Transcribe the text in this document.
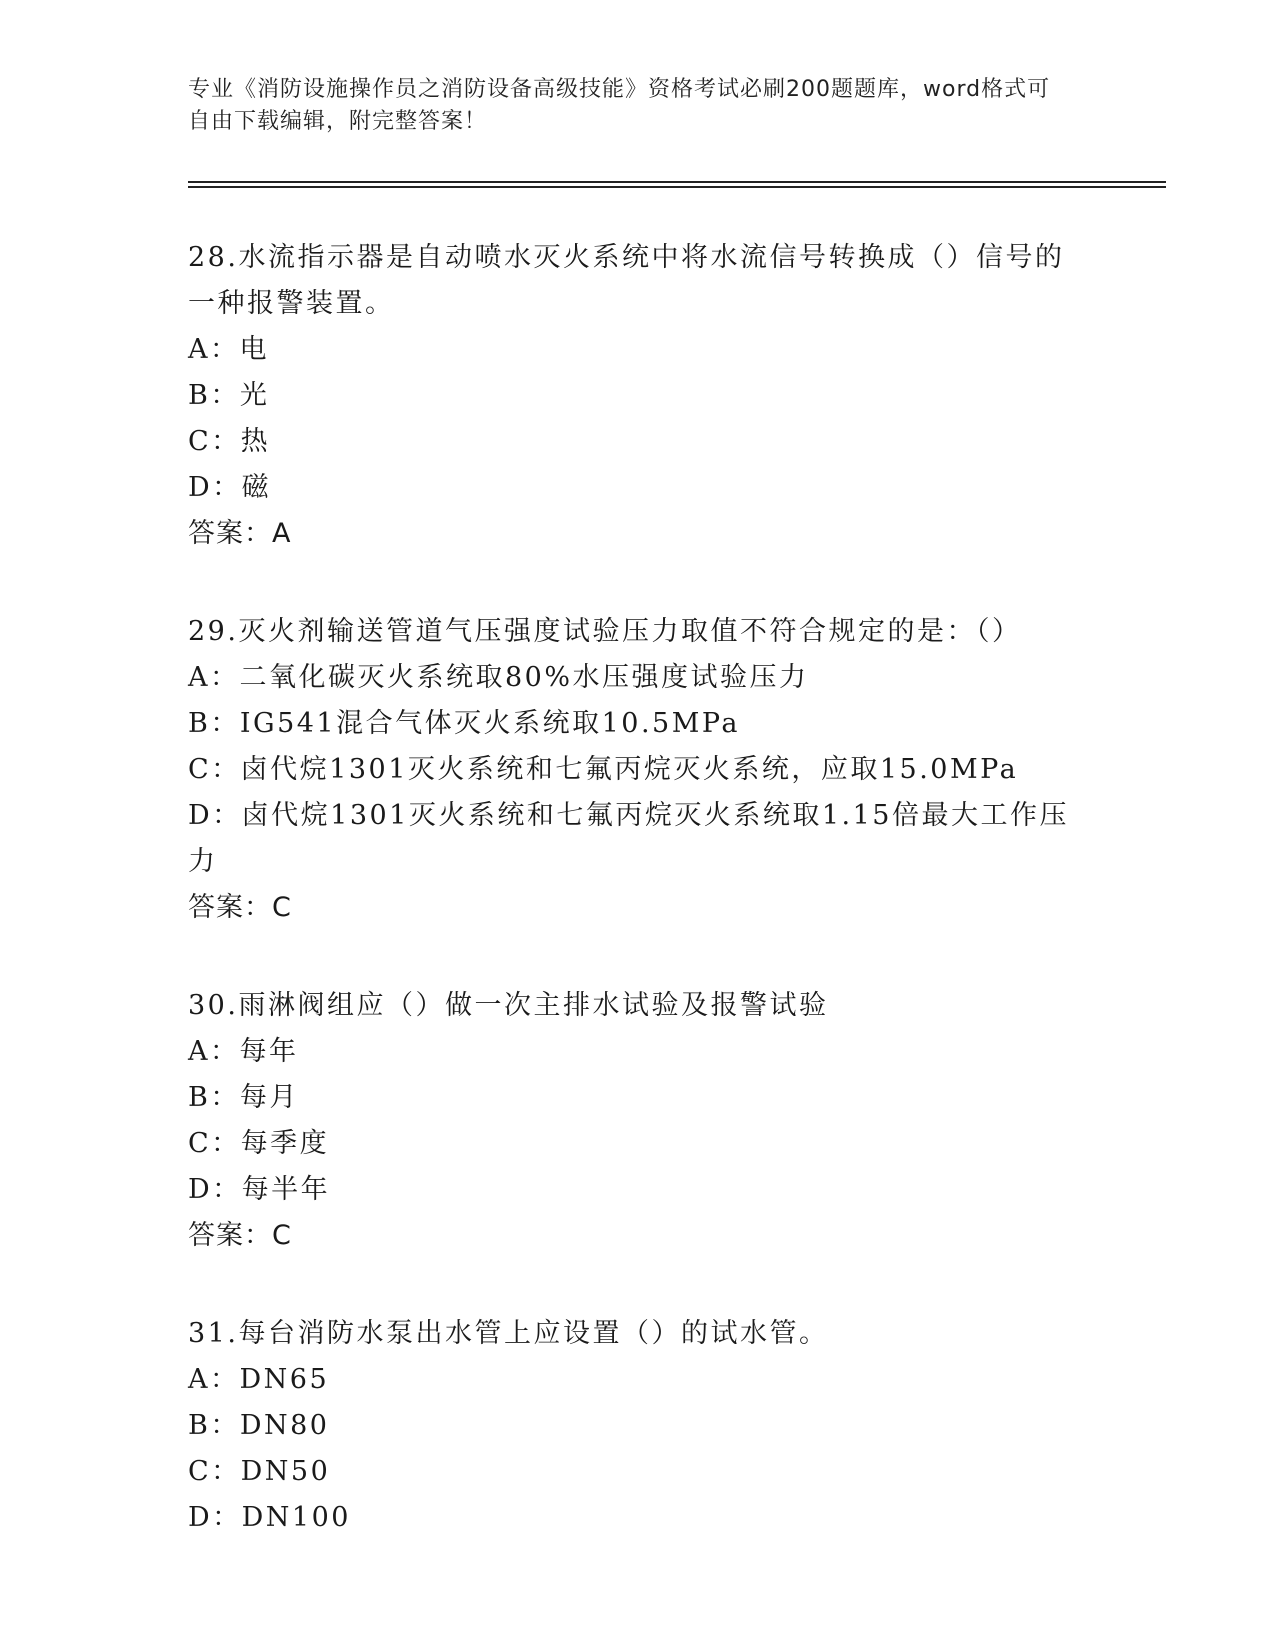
专业《消防设施操作员之消防设备高级技能》资格考试必刷200题题库，word格式可自由下载编辑，附完整答案！
28.水流指示器是自动喷水灭火系统中将水流信号转换成（）信号的一种报警装置。
A：电
B：光
C：热
D：磁
答案：A
29.灭火剂输送管道气压强度试验压力取值不符合规定的是：（）
A：二氧化碳灭火系统取80%水压强度试验压力
B：IG541混合气体灭火系统取10.5MPa
C：卤代烷1301灭火系统和七氟丙烷灭火系统，应取15.0MPa
D：卤代烷1301灭火系统和七氟丙烷灭火系统取1.15倍最大工作压力
答案：C
30.雨淋阀组应（）做一次主排水试验及报警试验
A：每年
B：每月
C：每季度
D：每半年
答案：C
31.每台消防水泵出水管上应设置（）的试水管。
A：DN65
B：DN80
C：DN50
D：DN100
